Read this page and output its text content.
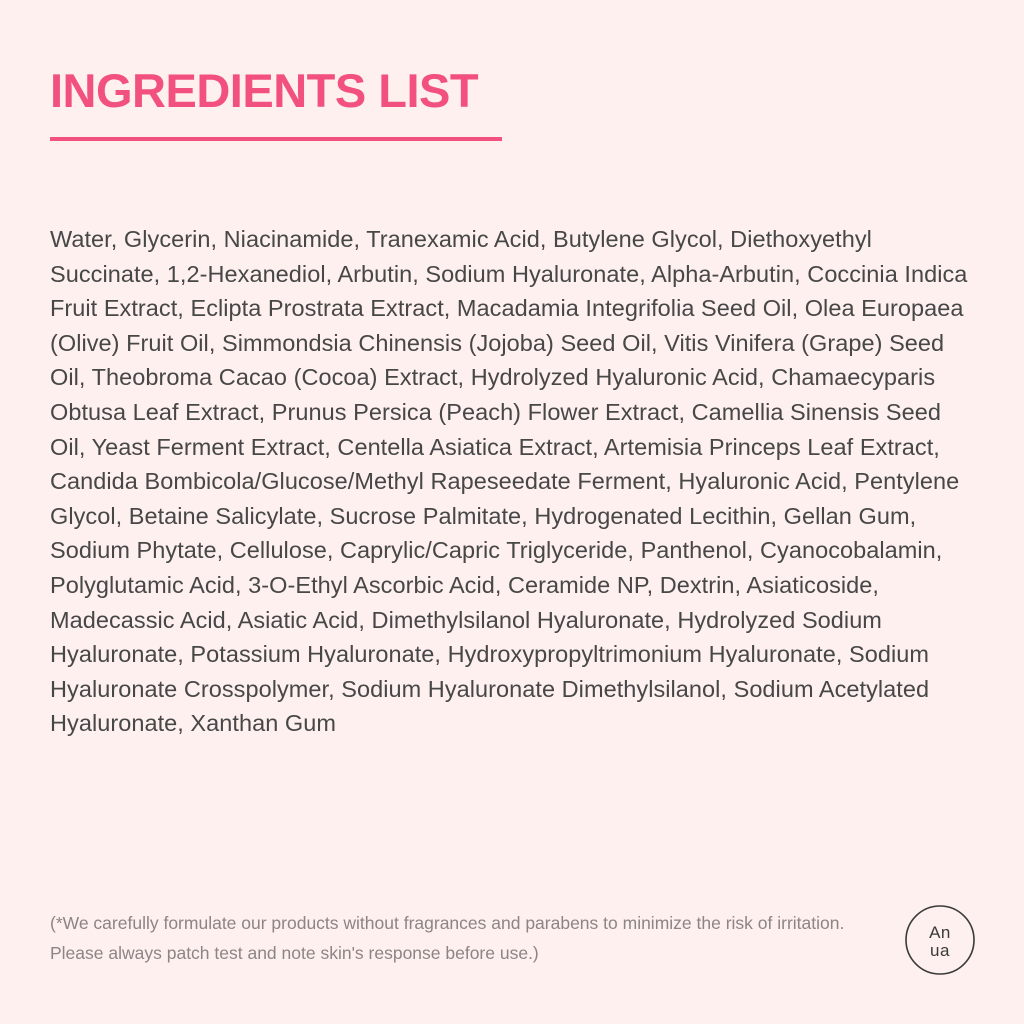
INGREDIENTS LIST
Water, Glycerin, Niacinamide, Tranexamic Acid, Butylene Glycol, Diethoxyethyl Succinate, 1,2-Hexanediol, Arbutin, Sodium Hyaluronate, Alpha-Arbutin, Coccinia Indica Fruit Extract, Eclipta Prostrata Extract, Macadamia Integrifolia Seed Oil, Olea Europaea (Olive) Fruit Oil, Simmondsia Chinensis (Jojoba) Seed Oil, Vitis Vinifera (Grape) Seed Oil, Theobroma Cacao (Cocoa) Extract, Hydrolyzed Hyaluronic Acid, Chamaecyparis Obtusa Leaf Extract, Prunus Persica (Peach) Flower Extract, Camellia Sinensis Seed Oil, Yeast Ferment Extract, Centella Asiatica Extract, Artemisia Princeps Leaf Extract, Candida Bombicola/Glucose/Methyl Rapeseedate Ferment, Hyaluronic Acid, Pentylene Glycol, Betaine Salicylate, Sucrose Palmitate, Hydrogenated Lecithin, Gellan Gum, Sodium Phytate, Cellulose, Caprylic/Capric Triglyceride, Panthenol, Cyanocobalamin, Polyglutamic Acid, 3-O-Ethyl Ascorbic Acid, Ceramide NP, Dextrin, Asiaticoside, Madecassic Acid, Asiatic Acid, Dimethylsilanol Hyaluronate, Hydrolyzed Sodium Hyaluronate, Potassium Hyaluronate, Hydroxypropyltrimonium Hyaluronate, Sodium Hyaluronate Crosspolymer, Sodium Hyaluronate Dimethylsilanol, Sodium Acetylated Hyaluronate, Xanthan Gum
(*We carefully formulate our products without fragrances and parabens to minimize the risk of irritation. Please always patch test and note skin's response before use.)
An
ua
